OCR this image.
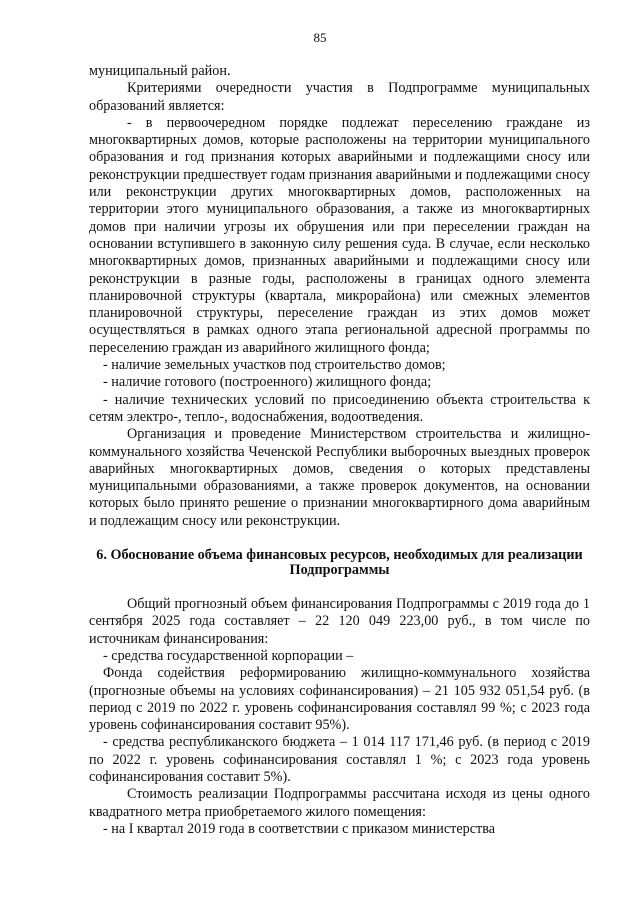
85

муниципальный район.

Критериями очередности участия в Подпрограмме муниципальных образований является:

- в первоочередном порядке подлежат переселению граждане из многоквартирных домов, которые расположены на территории муниципального образования и год признания которых аварийными и подлежащими сносу или реконструкции предшествует годам признания аварийными и подлежащими сносу или реконструкции других многоквартирных домов, расположенных на территории этого муниципального образования, а также из многоквартирных домов при наличии угрозы их обрушения или при переселении граждан на основании вступившего в законную силу решения суда. В случае, если несколько многоквартирных домов, признанных аварийными и подлежащими сносу или реконструкции в разные годы, расположены в границах одного элемента планировочной структуры (квартала, микрорайона) или смежных элементов планировочной структуры, переселение граждан из этих домов может осуществляться в рамках одного этапа региональной адресной программы по переселению граждан из аварийного жилищного фонда;

- наличие земельных участков под строительство домов;

- наличие готового (построенного) жилищного фонда;

- наличие технических условий по присоединению объекта строительства к сетям электро-, тепло-, водоснабжения, водоотведения.

Организация и проведение Министерством строительства и жилищно-коммунального хозяйства Чеченской Республики выборочных выездных проверок аварийных многоквартирных домов, сведения о которых представлены муниципальными образованиями, а также проверок документов, на основании которых было принято решение о признании многоквартирного дома аварийным и подлежащим сносу или реконструкции.

6. Обоснование объема финансовых ресурсов, необходимых для реализации Подпрограммы

Общий прогнозный объем финансирования Подпрограммы с 2019 года до 1 сентября 2025 года составляет – 22 120 049 223,00 руб., в том числе по источникам финансирования:

- средства государственной корпорации –

Фонда содействия реформированию жилищно-коммунального хозяйства (прогнозные объемы на условиях софинансирования) – 21 105 932 051,54 руб. (в период с 2019 по 2022 г. уровень софинансирования составлял 99 %; с 2023 года уровень софинансирования составит 95%).

- средства республиканского бюджета – 1 014 117 171,46 руб. (в период с 2019 по 2022 г. уровень софинансирования составлял 1 %; с 2023 года уровень софинансирования составит 5%).

Стоимость реализации Подпрограммы рассчитана исходя из цены одного квадратного метра приобретаемого жилого помещения:

- на I квартал 2019 года в соответствии с приказом министерства
